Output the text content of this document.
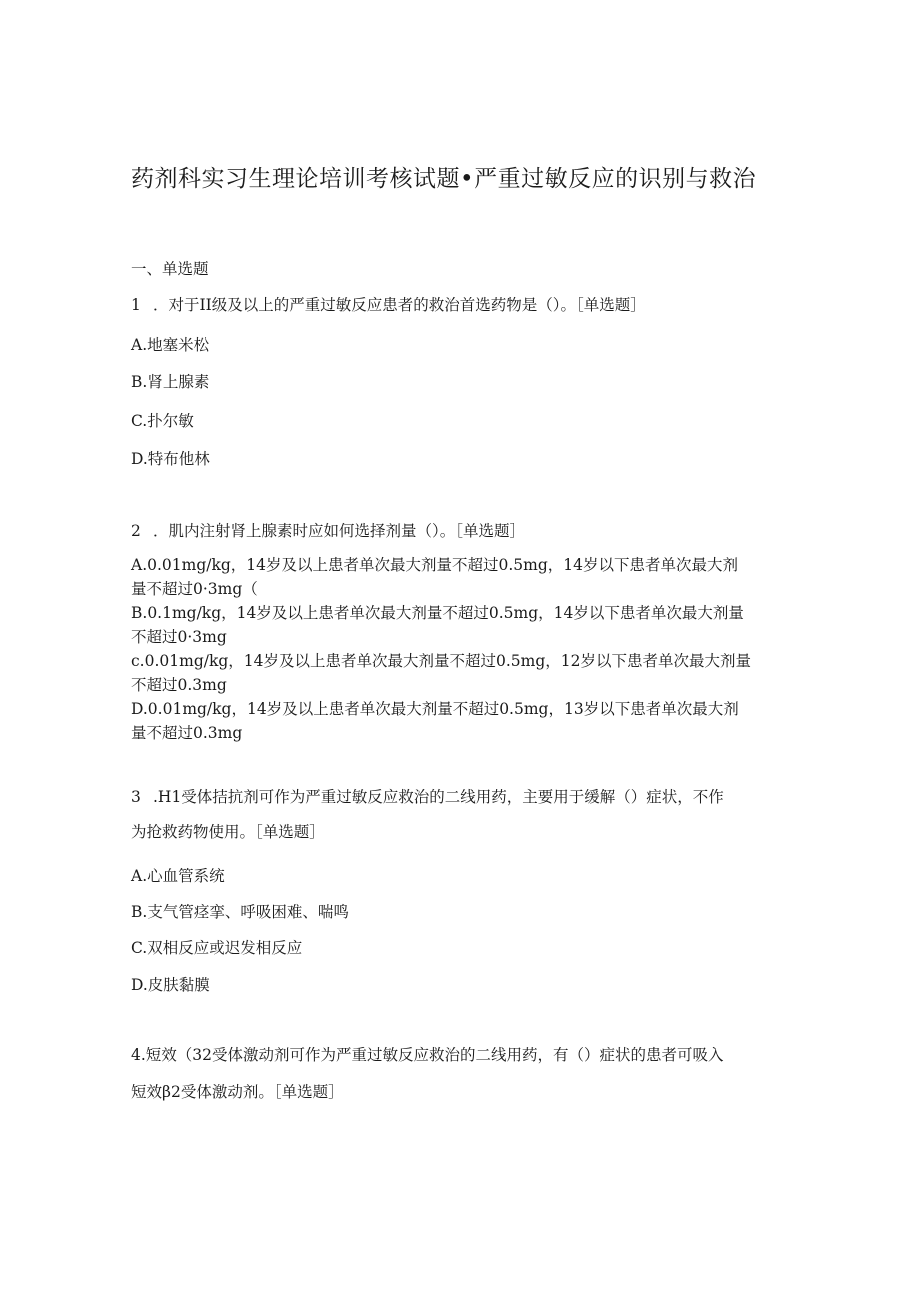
药剂科实习生理论培训考核试题•严重过敏反应的识别与救治
一、单选题
1 ．对于II级及以上的严重过敏反应患者的救治首选药物是（）。［单选题］
A.地塞米松
B.肾上腺素
C.扑尔敏
D.特布他林
2 ．肌内注射肾上腺素时应如何选择剂量（）。［单选题］
A.0.01mg/kg，14岁及以上患者单次最大剂量不超过0.5mg，14岁以下患者单次最大剂
量不超过0·3mg（
B.0.1mg/kg，14岁及以上患者单次最大剂量不超过0.5mg，14岁以下患者单次最大剂量
不超过0·3mg
c.0.01mg/kg，14岁及以上患者单次最大剂量不超过0.5mg，12岁以下患者单次最大剂量
不超过0.3mg
D.0.01mg/kg，14岁及以上患者单次最大剂量不超过0.5mg，13岁以下患者单次最大剂
量不超过0.3mg
3 .H1受体拮抗剂可作为严重过敏反应救治的二线用药，主要用于缓解（）症状，不作
为抢救药物使用。［单选题］
A.心血管系统
B.支气管痉挛、呼吸困难、喘鸣
C.双相反应或迟发相反应
D.皮肤黏膜
4.短效（32受体激动剂可作为严重过敏反应救治的二线用药，有（）症状的患者可吸入
短效β2受体激动剂。［单选题］
